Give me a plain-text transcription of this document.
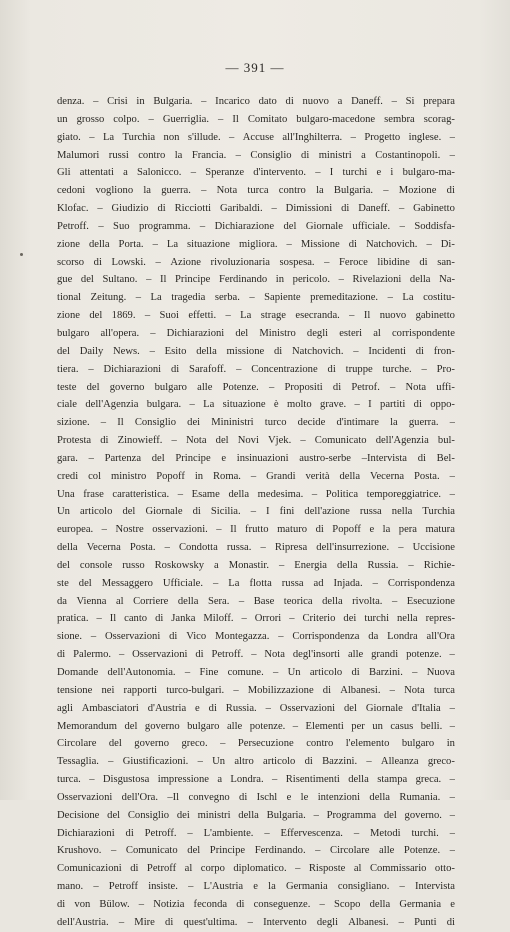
— 391 —
denza. – Crisi in Bulgaria. – Incarico dato di nuovo a Daneff. – Si prepara
un grosso colpo. – Guerriglia. – Il Comitato bulgaro-macedone sembra scorag-
giato. – La Turchia non s'illude. – Accuse all'Inghilterra. – Progetto inglese. –
Malumori russi contro la Francia. – Consiglio di ministri a Costantinopoli. –
Gli attentati a Salonicco. – Speranze d'intervento. – I turchi e i bulgaro-ma-
cedoni vogliono la guerra. – Nota turca contro la Bulgaria. – Mozione di
Klofac. – Giudizio di Ricciotti Garibaldi. – Dimissioni di Daneff. – Gabinetto
Petroff. – Suo programma. – Dichiarazione del Giornale ufficiale. – Soddisfa-
zione della Porta. – La situazione migliora. – Missione di Natchovich. – Di-
scorso di Lowski. – Azione rivoluzionaria sospesa. – Feroce libidine di san-
gue del Sultano. – Il Principe Ferdinando in pericolo. – Rivelazioni della Na-
tional Zeitung. – La tragedia serba. – Sapiente premeditazione. – La costitu-
zione del 1869. – Suoi effetti. – La strage esecranda. – Il nuovo gabinetto
bulgaro all'opera. – Dichiarazioni del Ministro degli esteri al corrispondente
del Daily News. – Esito della missione di Natchovich. – Incidenti di fron-
tiera. – Dichiarazioni di Sarafoff. – Concentrazione di truppe turche. – Pro-
teste del governo bulgaro alle Potenze. – Propositi di Petrof. – Nota uffi-
ciale dell'Agenzia bulgara. – La situazione è molto grave. – I partiti di oppo-
sizione. – Il Consiglio dei Mininistri turco decide d'intimare la guerra. –
Protesta di Zinowieff. – Nota del Novi Vjek. – Comunicato dell'Agenzia bul-
gara. – Partenza del Principe e insinuazioni austro-serbe –Intervista di Bel-
credi col ministro Popoff in Roma. – Grandi verità della Vecerna Posta. –
Una frase caratteristica. – Esame della medesima. – Politica temporeggiatrice. –
Un articolo del Giornale di Sicilia. – I fini dell'azione russa nella Turchia
europea. – Nostre osservazioni. – Il frutto maturo di Popoff e la pera matura
della Vecerna Posta. – Condotta russa. – Ripresa dell'insurrezione. – Uccisione
del console russo Roskowsky a Monastir. – Energia della Russia. – Richie-
ste del Messaggero Ufficiale. – La flotta russa ad Injada. – Corrispondenza
da Vienna al Corriere della Sera. – Base teorica della rivolta. – Esecuzione
pratica. – Il canto di Janka Miloff. – Orrori – Criterio dei turchi nella repres-
sione. – Osservazioni di Vico Montegazza. – Corrispondenza da Londra all'Ora
di Palermo. – Osservazioni di Petroff. – Nota degl'insorti alle grandi potenze. –
Domande dell'Autonomia. – Fine comune. – Un articolo di Barzini. – Nuova
tensione nei rapporti turco-bulgari. – Mobilizzazione di Albanesi. – Nota turca
agli Ambasciatori d'Austria e di Russia. – Osservazioni del Giornale d'Italia –
Memorandum del governo bulgaro alle potenze. – Elementi per un casus belli. –
Circolare del governo greco. – Persecuzione contro l'elemento bulgaro in
Tessaglia. – Giustificazioni. – Un altro articolo di Bazzini. – Alleanza greco-
turca. – Disgustosa impressione a Londra. – Risentimenti della stampa greca. –
Osservazioni dell'Ora. –Il convegno di Ischl e le intenzioni della Rumania. –
Decisione del Consiglio dei ministri della Bulgaria. – Programma del governo. –
Dichiarazioni di Petroff. – L'ambiente. – Effervescenza. – Metodi turchi. –
Krushovo. – Comunicato del Principe Ferdinando. – Circolare alle Potenze. –
Comunicazioni di Petroff al corpo diplomatico. – Risposte al Commissario otto-
mano. – Petroff insiste. – L'Austria e la Germania consigliano. – Intervista
di von Bülow. – Notizia feconda di conseguenze. – Scopo della Germania e
dell'Austria. – Mire di quest'ultima. – Intervento degli Albanesi. – Punti di
